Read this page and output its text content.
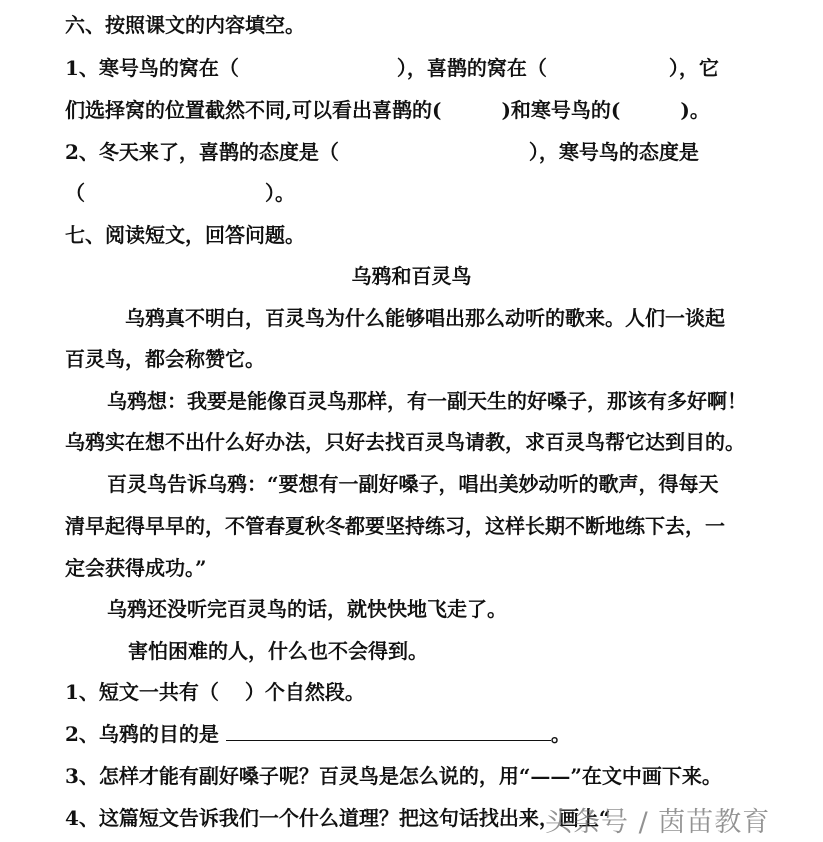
六、按照课文的内容填空。
1、寒号鸟的窝在（	），喜鹊的窝在（	），它
们选择窝的位置截然不同,可以看出喜鹊的(	)和寒号鸟的(	)。
2、冬天来了，喜鹊的态度是（	），寒号鸟的态度是
（	）。
七、阅读短文，回答问题。
乌鸦和百灵鸟
乌鸦真不明白，百灵鸟为什么能够唱出那么动听的歌来。人们一谈起
百灵鸟，都会称赞它。
乌鸦想：我要是能像百灵鸟那样，有一副天生的好嗓子，那该有多好啊！
乌鸦实在想不出什么好办法，只好去找百灵鸟请教，求百灵鸟帮它达到目的。
百灵鸟告诉乌鸦：“要想有一副好嗓子，唱出美妙动听的歌声，得每天
清早起得早早的，不管春夏秋冬都要坚持练习，这样长期不断地练下去，一
定会获得成功。”
乌鸦还没听完百灵鸟的话，就快快地飞走了。
害怕困难的人，什么也不会得到。
1、短文一共有（ ）个自然段。
2、乌鸦的目的是	。
3、怎样才能有副好嗓子呢？百灵鸟是怎么说的，用“——”在文中画下来。
4、这篇短文告诉我们一个什么道理？把这句话找出来，画上“
头条号 / 茵苗教育
